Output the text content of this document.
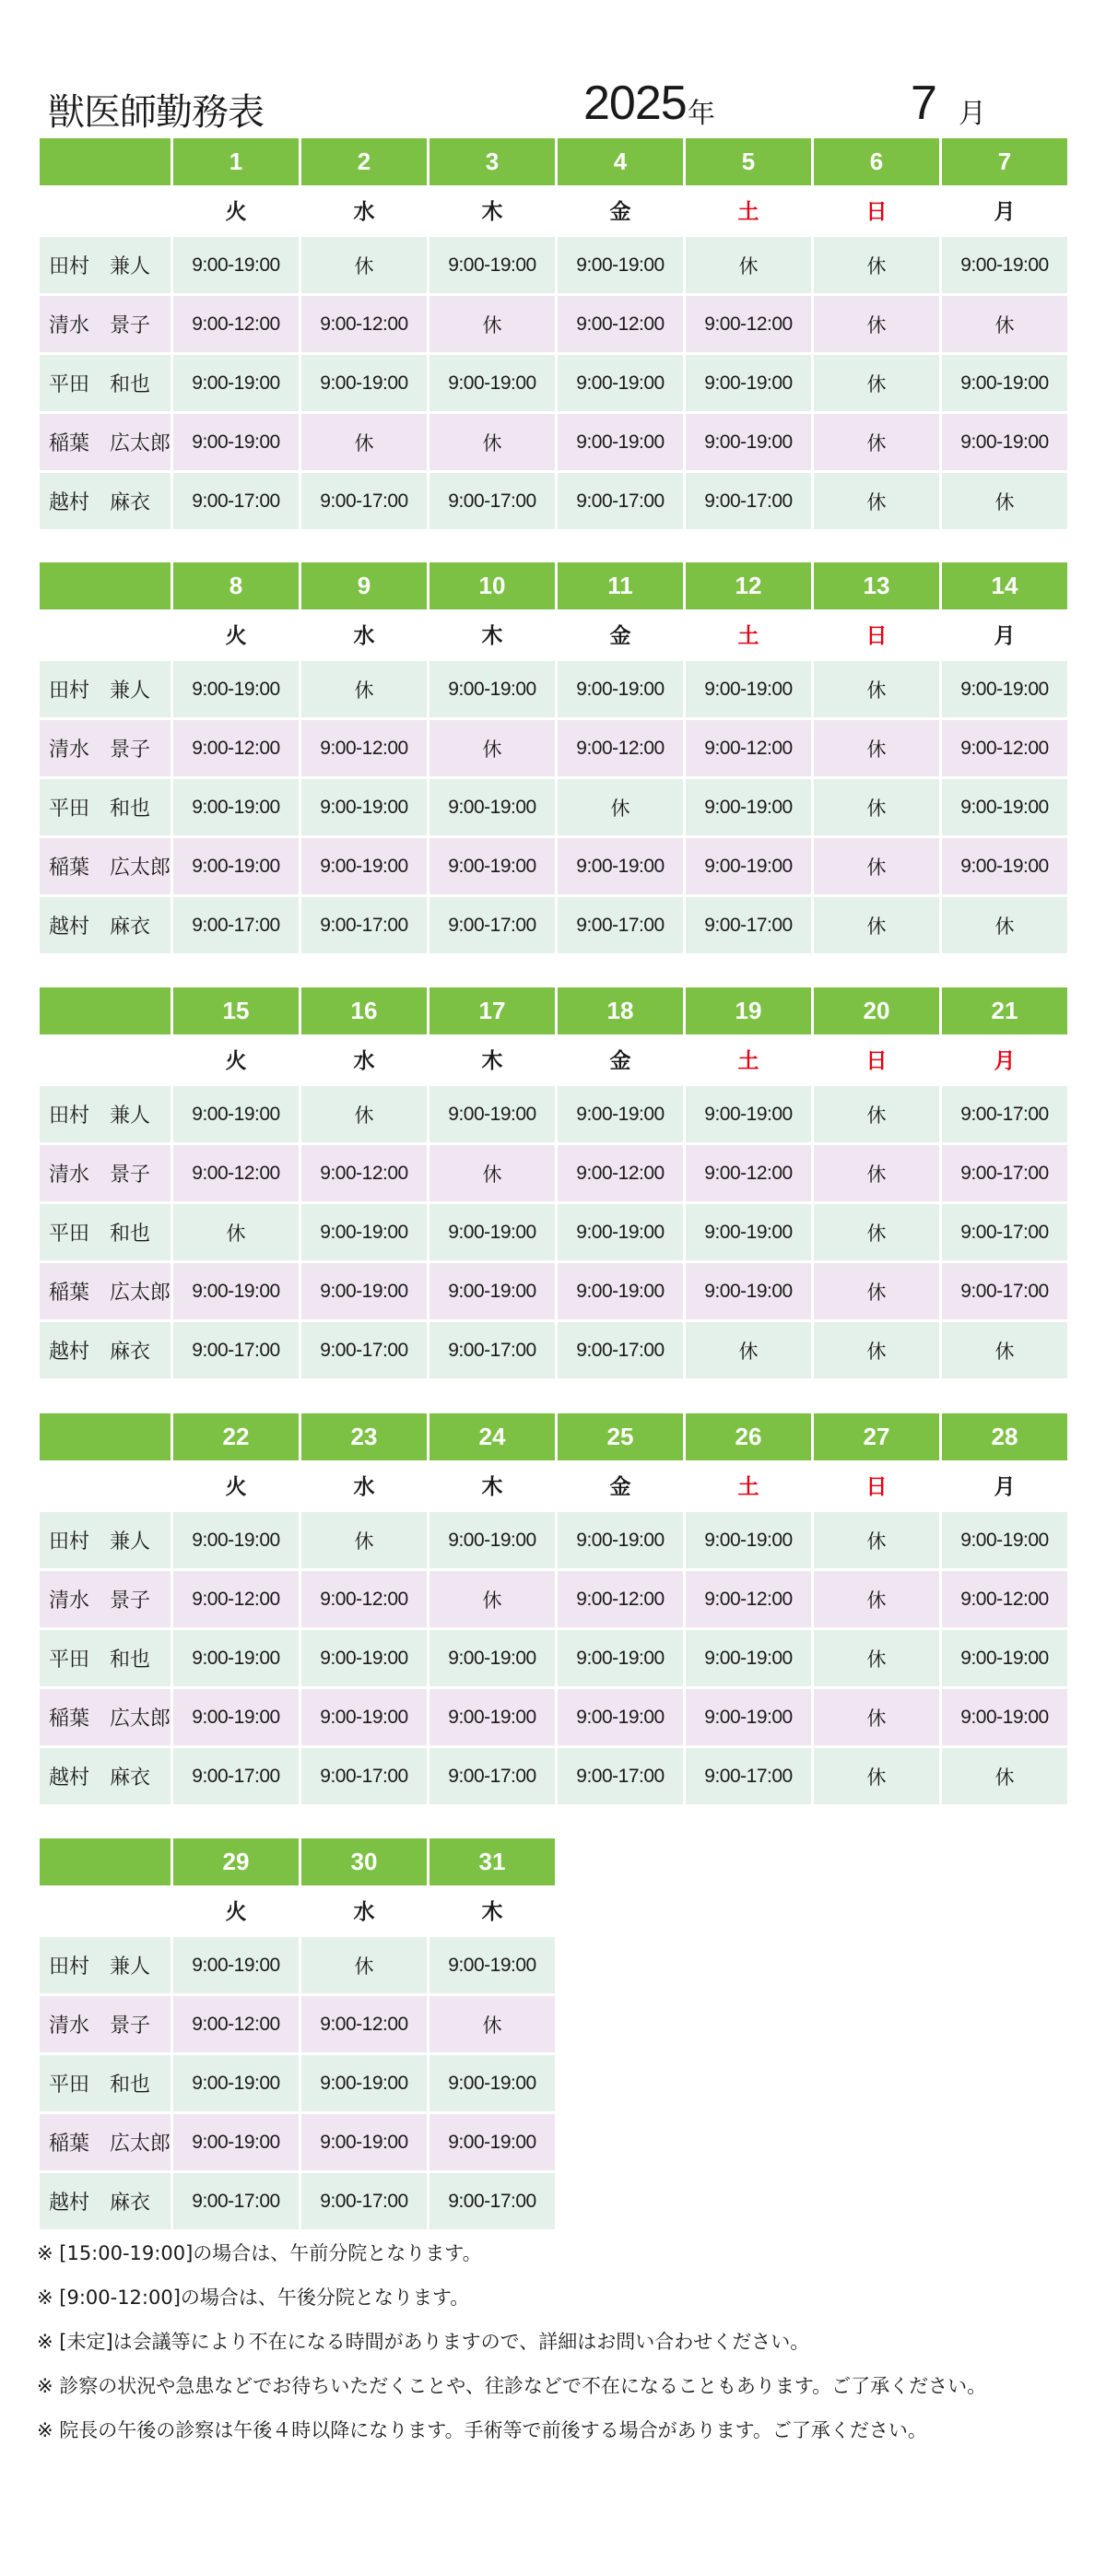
獣医師勤務表	2025 年	7 月
	1	2	3	4	5	6	7
	火	水	木	金	土	日	月
田村　兼人	9:00-19:00	休	9:00-19:00	9:00-19:00	休	休	9:00-19:00
清水　景子	9:00-12:00	9:00-12:00	休	9:00-12:00	9:00-12:00	休	休
平田　和也	9:00-19:00	9:00-19:00	9:00-19:00	9:00-19:00	9:00-19:00	休	9:00-19:00
稲葉　広太郎	9:00-19:00	休	休	9:00-19:00	9:00-19:00	休	9:00-19:00
越村　麻衣	9:00-17:00	9:00-17:00	9:00-17:00	9:00-17:00	9:00-17:00	休	休
	8	9	10	11	12	13	14
	火	水	木	金	土	日	月
田村　兼人	9:00-19:00	休	9:00-19:00	9:00-19:00	9:00-19:00	休	9:00-19:00
清水　景子	9:00-12:00	9:00-12:00	休	9:00-12:00	9:00-12:00	休	9:00-12:00
平田　和也	9:00-19:00	9:00-19:00	9:00-19:00	休	9:00-19:00	休	9:00-19:00
稲葉　広太郎	9:00-19:00	9:00-19:00	9:00-19:00	9:00-19:00	9:00-19:00	休	9:00-19:00
越村　麻衣	9:00-17:00	9:00-17:00	9:00-17:00	9:00-17:00	9:00-17:00	休	休
	15	16	17	18	19	20	21
	火	水	木	金	土	日	月
田村　兼人	9:00-19:00	休	9:00-19:00	9:00-19:00	9:00-19:00	休	9:00-17:00
清水　景子	9:00-12:00	9:00-12:00	休	9:00-12:00	9:00-12:00	休	9:00-17:00
平田　和也	休	9:00-19:00	9:00-19:00	9:00-19:00	9:00-19:00	休	9:00-17:00
稲葉　広太郎	9:00-19:00	9:00-19:00	9:00-19:00	9:00-19:00	9:00-19:00	休	9:00-17:00
越村　麻衣	9:00-17:00	9:00-17:00	9:00-17:00	9:00-17:00	休	休	休
	22	23	24	25	26	27	28
	火	水	木	金	土	日	月
田村　兼人	9:00-19:00	休	9:00-19:00	9:00-19:00	9:00-19:00	休	9:00-19:00
清水　景子	9:00-12:00	9:00-12:00	休	9:00-12:00	9:00-12:00	休	9:00-12:00
平田　和也	9:00-19:00	9:00-19:00	9:00-19:00	9:00-19:00	9:00-19:00	休	9:00-19:00
稲葉　広太郎	9:00-19:00	9:00-19:00	9:00-19:00	9:00-19:00	9:00-19:00	休	9:00-19:00
越村　麻衣	9:00-17:00	9:00-17:00	9:00-17:00	9:00-17:00	9:00-17:00	休	休
	29	30	31
	火	水	木
田村　兼人	9:00-19:00	休	9:00-19:00
清水　景子	9:00-12:00	9:00-12:00	休
平田　和也	9:00-19:00	9:00-19:00	9:00-19:00
稲葉　広太郎	9:00-19:00	9:00-19:00	9:00-19:00
越村　麻衣	9:00-17:00	9:00-17:00	9:00-17:00
※ [15:00-19:00]の場合は、午前分院となります。
※ [9:00-12:00]の場合は、午後分院となります。
※ [未定]は会議等により不在になる時間がありますので、詳細はお問い合わせください。
※ 診察の状況や急患などでお待ちいただくことや、往診などで不在になることもあります。ご了承ください。
※ 院長の午後の診察は午後４時以降になります。手術等で前後する場合があります。ご了承ください。
